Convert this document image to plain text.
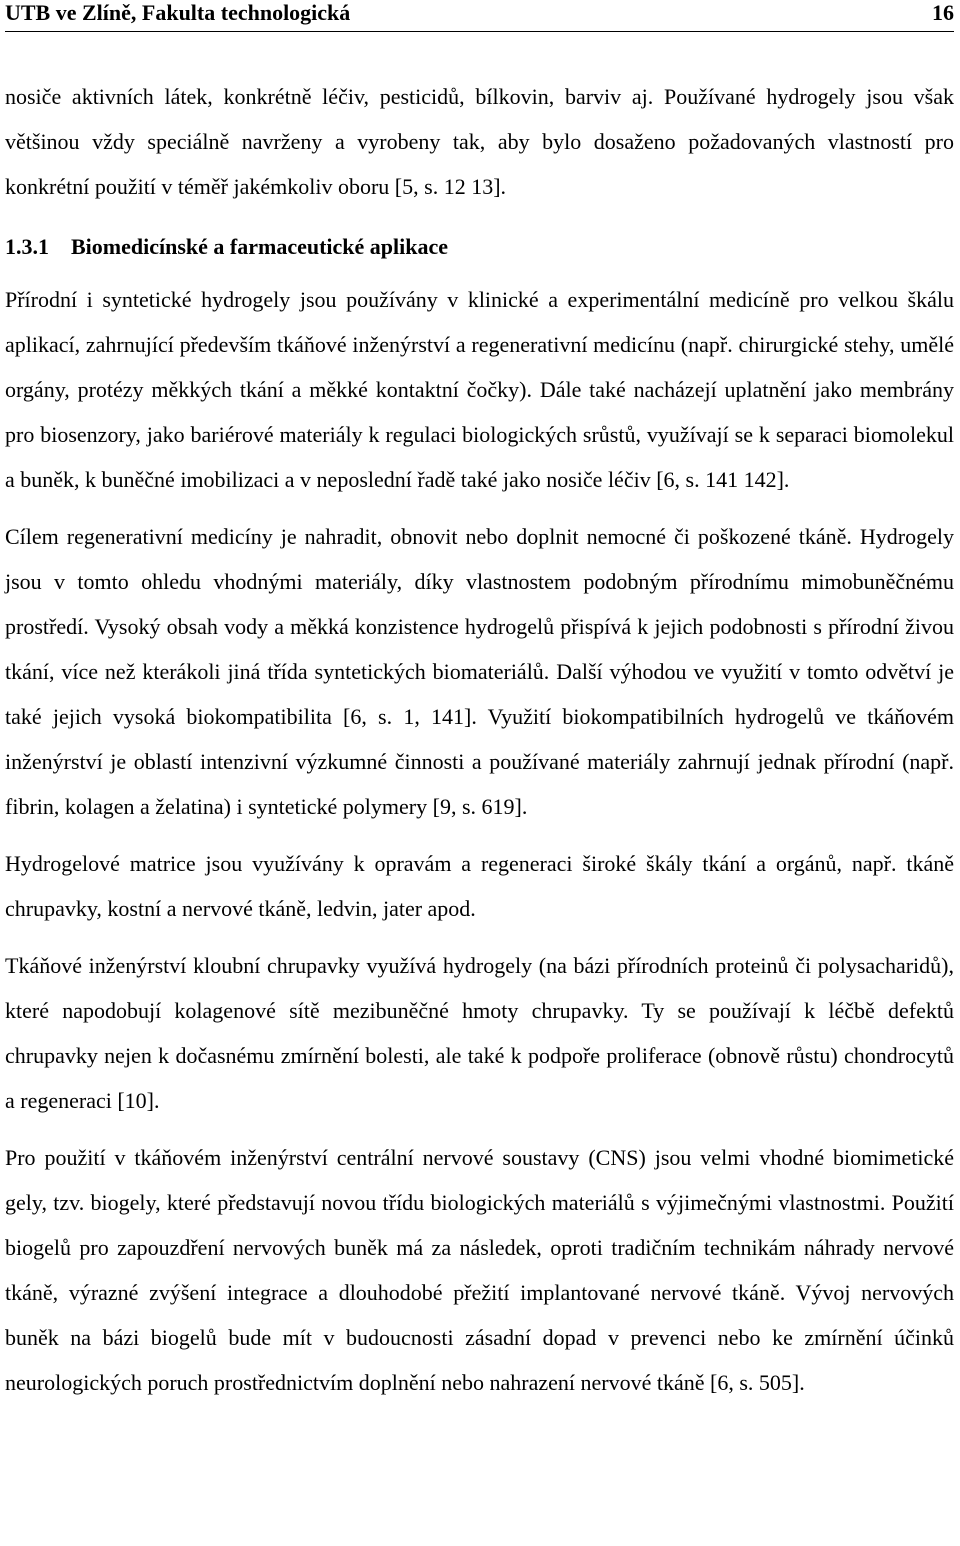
UTB ve Zlíně, Fakulta technologická	16

nosiče aktivních látek, konkrétně léčiv, pesticidů, bílkovin, barviv aj. Používané hydrogely jsou však většinou vždy speciálně navrženy a vyrobeny tak, aby bylo dosaženo požadovaných vlastností pro konkrétní použití v téměř jakémkoliv oboru [5, s. 12 13].

1.3.1 Biomedicínské a farmaceutické aplikace

Přírodní i syntetické hydrogely jsou používány v klinické a experimentální medicíně pro velkou škálu aplikací, zahrnující především tkáňové inženýrství a regenerativní medicínu (např. chirurgické stehy, umělé orgány, protézy měkkých tkání a měkké kontaktní čočky). Dále také nacházejí uplatnění jako membrány pro biosenzory, jako bariérové materiály k regulaci biologických srůstů, využívají se k separaci biomolekul a buněk, k buněčné imobilizaci a v neposlední řadě také jako nosiče léčiv [6, s. 141 142].

Cílem regenerativní medicíny je nahradit, obnovit nebo doplnit nemocné či poškozené tkáně. Hydrogely jsou v tomto ohledu vhodnými materiály, díky vlastnostem podobným přírodnímu mimobuněčnému prostředí. Vysoký obsah vody a měkká konzistence hydrogelů přispívá k jejich podobnosti s přírodní živou tkání, více než kterákoli jiná třída syntetických biomateriálů. Další výhodou ve využití v tomto odvětví je také jejich vysoká biokompatibilita [6, s. 1, 141]. Využití biokompatibilních hydrogelů ve tkáňovém inženýrství je oblastí intenzivní výzkumné činnosti a používané materiály zahrnují jednak přírodní (např. fibrin, kolagen a želatina) i syntetické polymery [9, s. 619].

Hydrogelové matrice jsou využívány k opravám a regeneraci široké škály tkání a orgánů, např. tkáně chrupavky, kostní a nervové tkáně, ledvin, jater apod.

Tkáňové inženýrství kloubní chrupavky využívá hydrogely (na bázi přírodních proteinů či polysacharidů), které napodobují kolagenové sítě mezibuněčné hmoty chrupavky. Ty se používají k léčbě defektů chrupavky nejen k dočasnému zmírnění bolesti, ale také k podpoře proliferace (obnově růstu) chondrocytů a regeneraci [10].

Pro použití v tkáňovém inženýrství centrální nervové soustavy (CNS) jsou velmi vhodné biomimetické gely, tzv. biogely, které představují novou třídu biologických materiálů s výjimečnými vlastnostmi. Použití biogelů pro zapouzdření nervových buněk má za následek, oproti tradičním technikám náhrady nervové tkáně, výrazné zvýšení integrace a dlouhodobé přežití implantované nervové tkáně. Vývoj nervových buněk na bázi biogelů bude mít v budoucnosti zásadní dopad v prevenci nebo ke zmírnění účinků neurologických poruch prostřednictvím doplnění nebo nahrazení nervové tkáně [6, s. 505].
